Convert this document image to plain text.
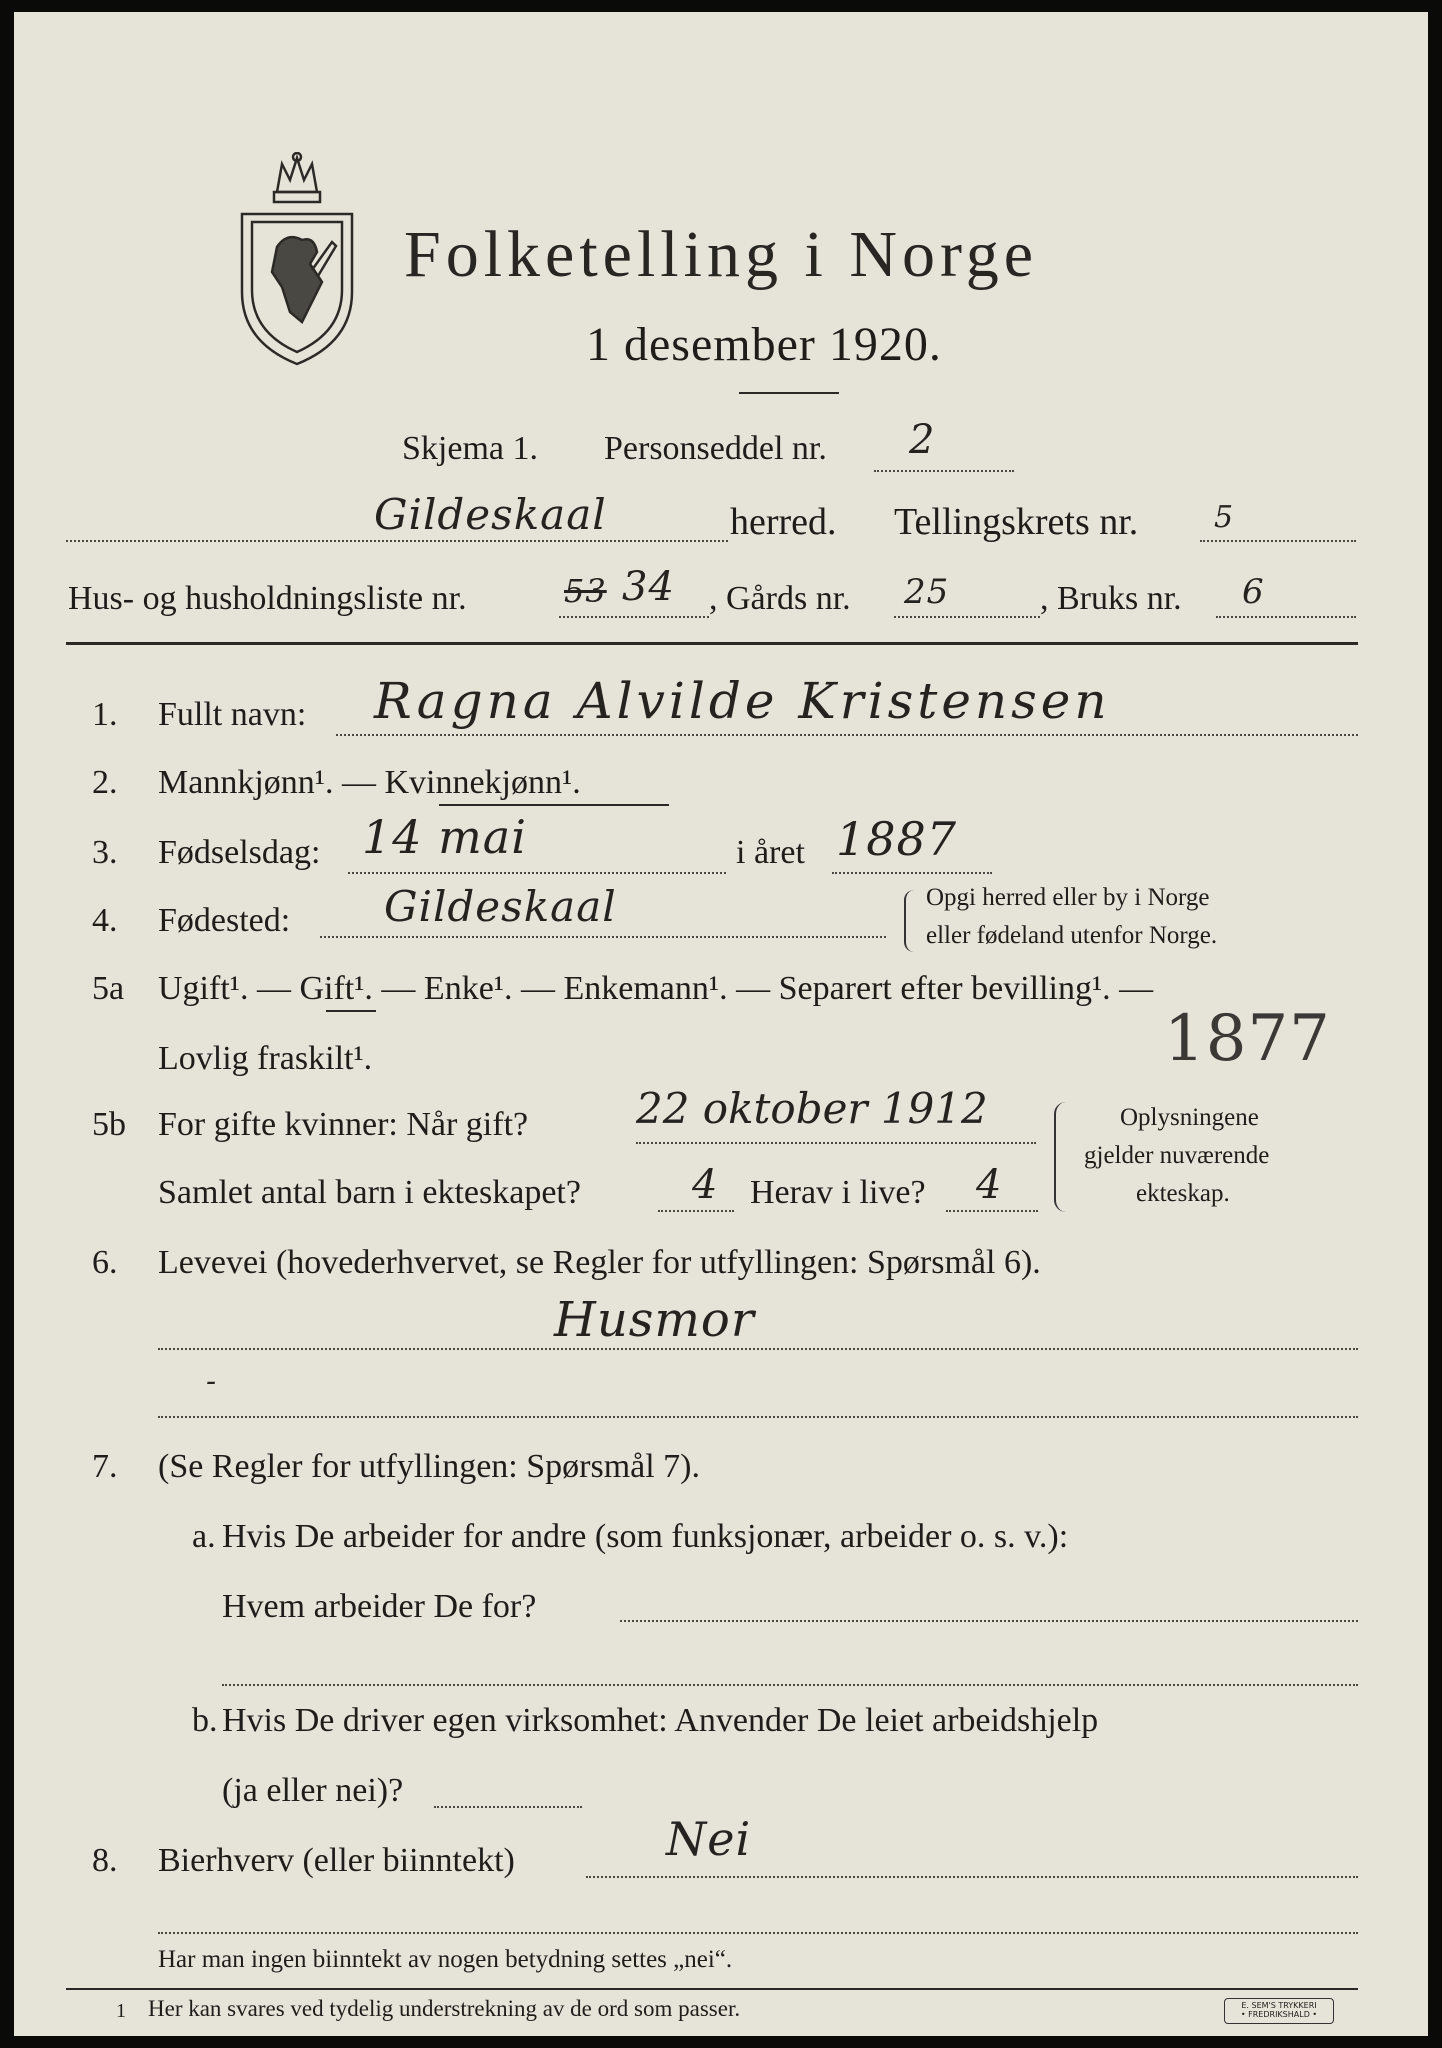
Folketelling i Norge
1 desember 1920.
Skjema 1. Personseddel nr. 2
Gildeskaal	herred. Tellingskrets nr.	5
Hus- og husholdningsliste nr.	53 34 , Gårds nr. 25	, Bruks nr. 6
1. Fullt navn: Ragna Alvilde Kristensen
2. Mannkjønn¹. — Kvinnekjønn¹.
3. Fødselsdag: 14 mai	i året 1887
4. Fødested: Gildeskaal	Opgi herred eller by i Norge
eller fødeland utenfor Norge.
5a Ugift¹. — Gift¹. — Enke¹. — Enkemann¹. — Separert efter bevilling¹. —
Lovlig fraskilt¹.	1877
5b For gifte kvinner: Når gift?	22 oktober 1912
Samlet antal barn i ekteskapet?	4 Herav i live? 4
Oplysningene
gjelder nuværende
ekteskap.
6. Levevei (hovederhvervet, se Regler for utfyllingen: Spørsmål 6).
Husmor
-
7. (Se Regler for utfyllingen: Spørsmål 7).
a. Hvis De arbeider for andre (som funksjonær, arbeider o. s. v.):
Hvem arbeider De for?
b. Hvis De driver egen virksomhet: Anvender De leiet arbeidshjelp
(ja eller nei)?
8. Bierhverv (eller biinntekt)	Nei
Har man ingen biinntekt av nogen betydning settes „nei“.
1 Her kan svares ved tydelig understrekning av de ord som passer.	E. SEM'S TRYKKERI
• FREDRIKSHALD •
